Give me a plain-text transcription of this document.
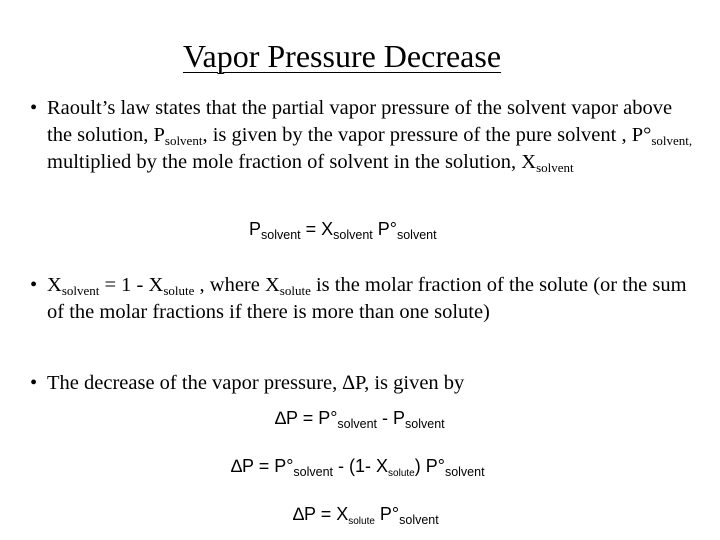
Vapor Pressure Decrease
• Raoult’s law states that the partial vapor pressure of the solvent vapor above the solution, $P_{solvent}$, is given by the vapor pressure of the pure solvent , $P^\circ_{solvent,}$ multiplied by the mole fraction of solvent in the solution, $X_{solvent}$
$P_{solvent} = X_{solvent}$ $P^\circ_{solvent}$
• $X_{solvent} = 1 - X_{solute}$ , where $X_{solute}$ is the molar fraction of the solute (or the sum of the molar fractions if there is more than one solute)
• The decrease of the vapor pressure, ∆P, is given by
$\Delta P = P^\circ_{solvent} - P_{solvent}$
$\Delta P = P^\circ_{solvent} - (1-$ $X_{solute}$) $P^\circ_{solvent}$
$\Delta P = X_{solute}$ $P^\circ_{solvent}$
